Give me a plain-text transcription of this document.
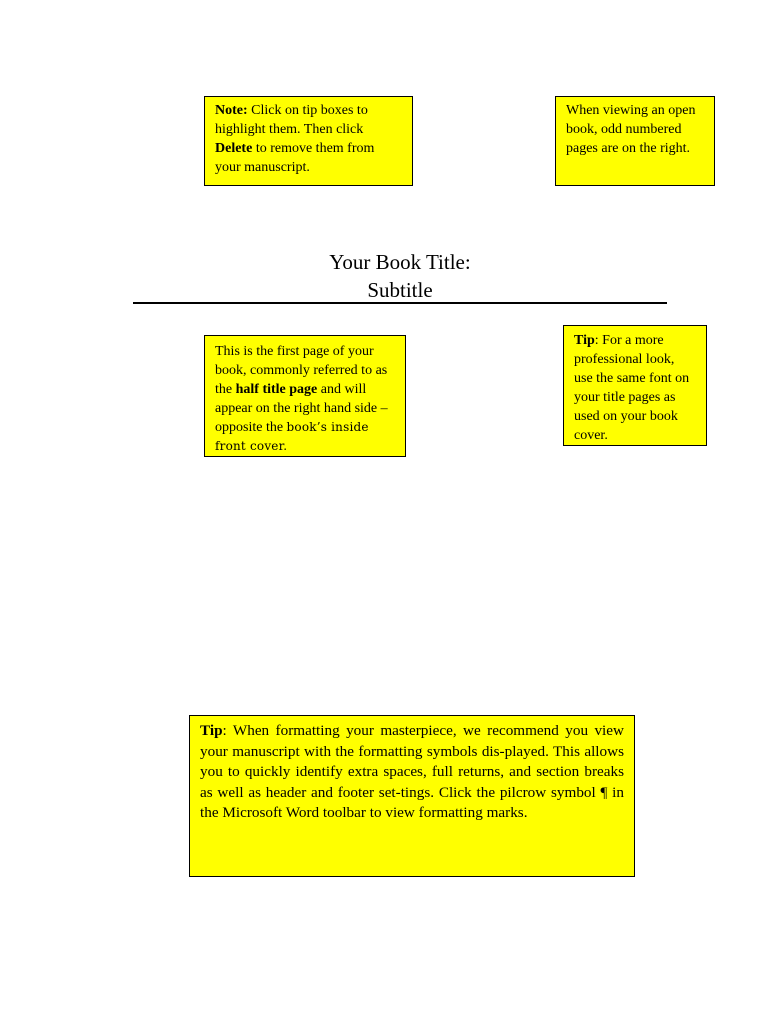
Note: Click on tip boxes to highlight them. Then click Delete to remove them from your manuscript.
When viewing an open book, odd numbered pages are on the right.
Your Book Title:
Subtitle
This is the first page of your book, commonly referred to as the half title page and will appear on the right hand side – opposite the book’s inside front cover.
Tip: For a more professional look, use the same font on your title pages as used on your book cover.
Tip: When formatting your masterpiece, we recommend you view your manuscript with the formatting symbols dis-played. This allows you to quickly identify extra spaces, full returns, and section breaks as well as header and footer set-tings. Click the pilcrow symbol ¶ in the Microsoft Word toolbar to view formatting marks.
